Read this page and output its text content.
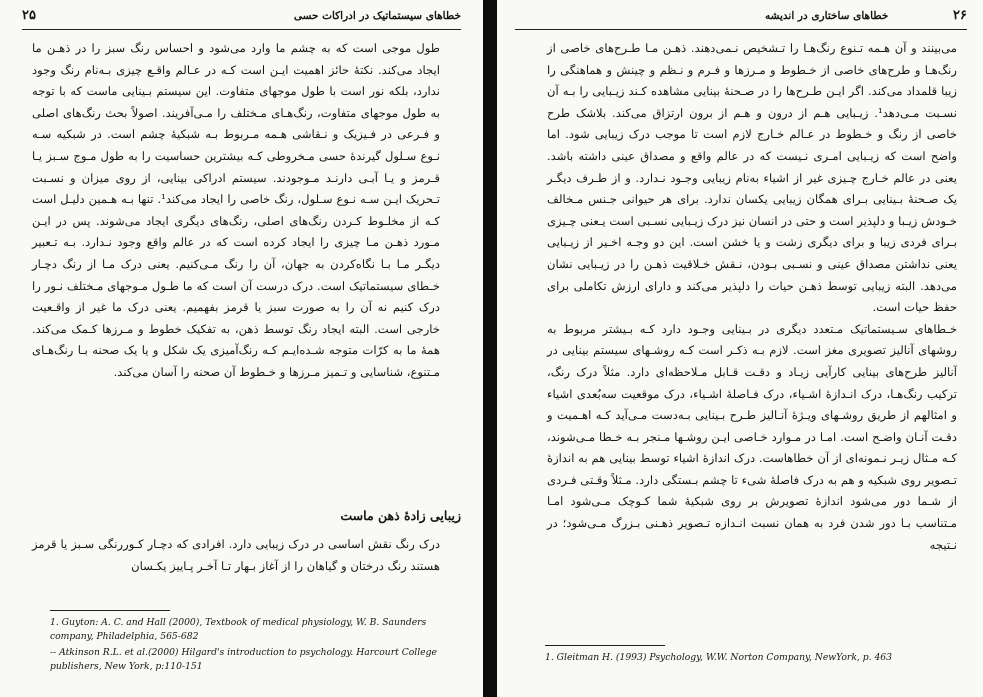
۲۵	خطاهای سیستماتیک در ادراکات حسی

طول موجی است که به چشم ما وارد می‌شود و احساس رنگ سبز را در ذهـن ما ایجاد می‌کند. نکتهٔ حائز اهمیت ایـن است کـه در عـالم واقـع چیزی بـه‌نام رنگ وجود ندارد، بلکه نور است با طول موجهای متفاوت. این سیستم بـینایی ماست که با توجه به طول موجهای متفاوت، رنگ‌هـای مـختلف را مـی‌آفریند. اصولاً بحث رنگ‌های اصلی و فـرعی در فـیزیک و نـقاشی هـمه مـربوط بـه شبکیهٔ چشم است. در شبکیه سـه نـوع سـلول گیرندهٔ حسی مـخروطی کـه بیشترین حساسیت را به طول مـوج سـبز یـا قـرمز و یـا آبـی دارنـد مـوجودند. سیستم ادراکی بینایی، از روی میزان و نسـبت تـحریک ایـن سـه نـوع سـلول، رنگ خاصی را ایجاد می‌کند¹. تنها بـه هـمین دلیـل است کـه از مخلـوط کـردن رنگ‌های اصلی، رنگ‌های دیگری ایجاد می‌شوند. پس در ایـن مـورد ذهـن مـا چیزی را ایجاد کرده است که در عالم واقع وجود نـدارد. بـه تـعبیر دیگـر مـا بـا نگاه‌کردن به جهان، آن را رنگ مـی‌کنیم. یعنی درک مـا از رنگ دچـار خـطای سیستماتیک است. درک درست آن است که ما طـول مـوجهای مـختلف نـور را درک کنیم نه آن را به صورت سبز یا قرمز بفهمیم. یعنی درک ما غیر از واقـعیت خارجی است. البته ایجاد رنگ توسط ذهن، به تفکیک خطوط و مـرزها کـمک می‌کند. همهٔ ما به کرّات متوجه شـده‌ایـم کـه رنگ‌آمیزی یک شکل و یا یک صحنه بـا رنگ‌هـای مـتنوع، شناسایی و تـمیز مـرزها و خـطوط آن صحنه را آسان می‌کند.

زیبایی زادهٔ ذهن ماست

درک رنگ نقش اساسی در درک زیبایی دارد. افرادی که دچـار کـوررنگی سـبز یا قرمز هستند رنگ درختان و گیاهان را از آغاز بـهار تـا آخـر پـاییز یکـسان

1. Guyton: A. C. and Hall (2000), Textbook of medical physiology, W. B. Saunders company, Philadelphia, 565-682

-- Atkinson R.L. et al.(2000) Hilgard's introduction to psychology. Harcourt College publishers, New York, p:110-151

۲۶
خطاهای ساختاری در اندیشه

می‌بینند و آن هـمه تـنوع رنگ‌هـا را تـشخیص نـمی‌دهند. ذهـن مـا طـرح‌های خاصی از رنگ‌هـا و طرح‌های خاصی از خـطوط و مـرزها و فـرم و نـظم و چینش و هماهنگی را زیبا قلمداد می‌کند. اگر ایـن طـرح‌ها را در صـحنهٔ بینایی مشاهده کـند زیـبایی را بـه آن نسـبت مـی‌دهد¹. زیـبایی هـم از درون و هـم از برون ارتزاق می‌کند. بلاشک طرح خاصی از رنگ و خـطوط در عـالم خـارج لازم است تا موجب درک زیبایی شود. اما واضح است که زیـبایی امـری نـیست که در عالم واقع و مصداق عینی داشته باشد. یعنی در عالم خـارج چـیزی غیر از اشیاء به‌نام زیبایی وجـود نـدارد. و از طـرف دیگـر یک صـحنهٔ بـینایی بـرای همگان زیبایی یکسان ندارد. برای هر حیوانی جـنس مـخالف خـودش زیـبا و دلپذیر است و حتی در انسان نیز درک زیـبایی نسـبی است یـعنی چـیزی بـرای فردی زیبا و برای دیگری زشت و یا خشن است. این دو وجـه اخـیر از زیـبایی یعنی نداشتن مصداق عینی و نسـبی بـودن، نـقش خـلاقیت ذهـن را در زیـبایی نشان می‌دهد. البته زیبایی توسط ذهـن حیات را دلپذیر می‌کند و دارای ارزش تکاملی برای حفظ حیات است.

خـطاهای سـیستماتیک مـتعدد دیگری در بـینایی وجـود دارد کـه بـیشتر مربوط به روشهای آنالیز تصویری مغز است. لازم بـه ذکـر است کـه روشـهای سیستم بینایی در آنالیز طرح‌های بینایی کارآیی زیـاد و دقـت قـابل مـلاحظه‌ای دارد. مثلاً درک رنگ، ترکیب رنگ‌هـا، درک انـدازهٔ اشـیاء، درک فـاصلهٔ اشـیاء، درک موقعیت سه‌بُعدی اشیاء و امثالهم از طریق روشـهای ویـژهٔ آنـالیز طـرح بـینایی بـه‌دست مـی‌آید کـه اهـمیت و دقـت آنـان واضـح است. امـا در مـوارد خـاصی ایـن روشـها مـنجر بـه خـطا مـی‌شوند، کـه مـثال زیـر نـمونه‌ای از آن خطاهاست. درک اندازهٔ اشیاء توسط بینایی هم به اندازهٔ تـصویر روی شبکیه و هم به درک فاصلهٔ شیء تا چشم بـستگی دارد. مـثلاً وقـتی فـردی از شـما دور می‌شود اندازهٔ تصویرش بر روی شبکیهٔ شما کـوچک مـی‌شود امـا مـتناسب بـا دور شدن فرد به همان نسبت انـدازه تـصویر ذهـنی بـزرگ مـی‌شود؛ در نـتیجه

1. Gleitman H. (1993) Psychology, W.W. Norton Company, NewYork, p. 463
